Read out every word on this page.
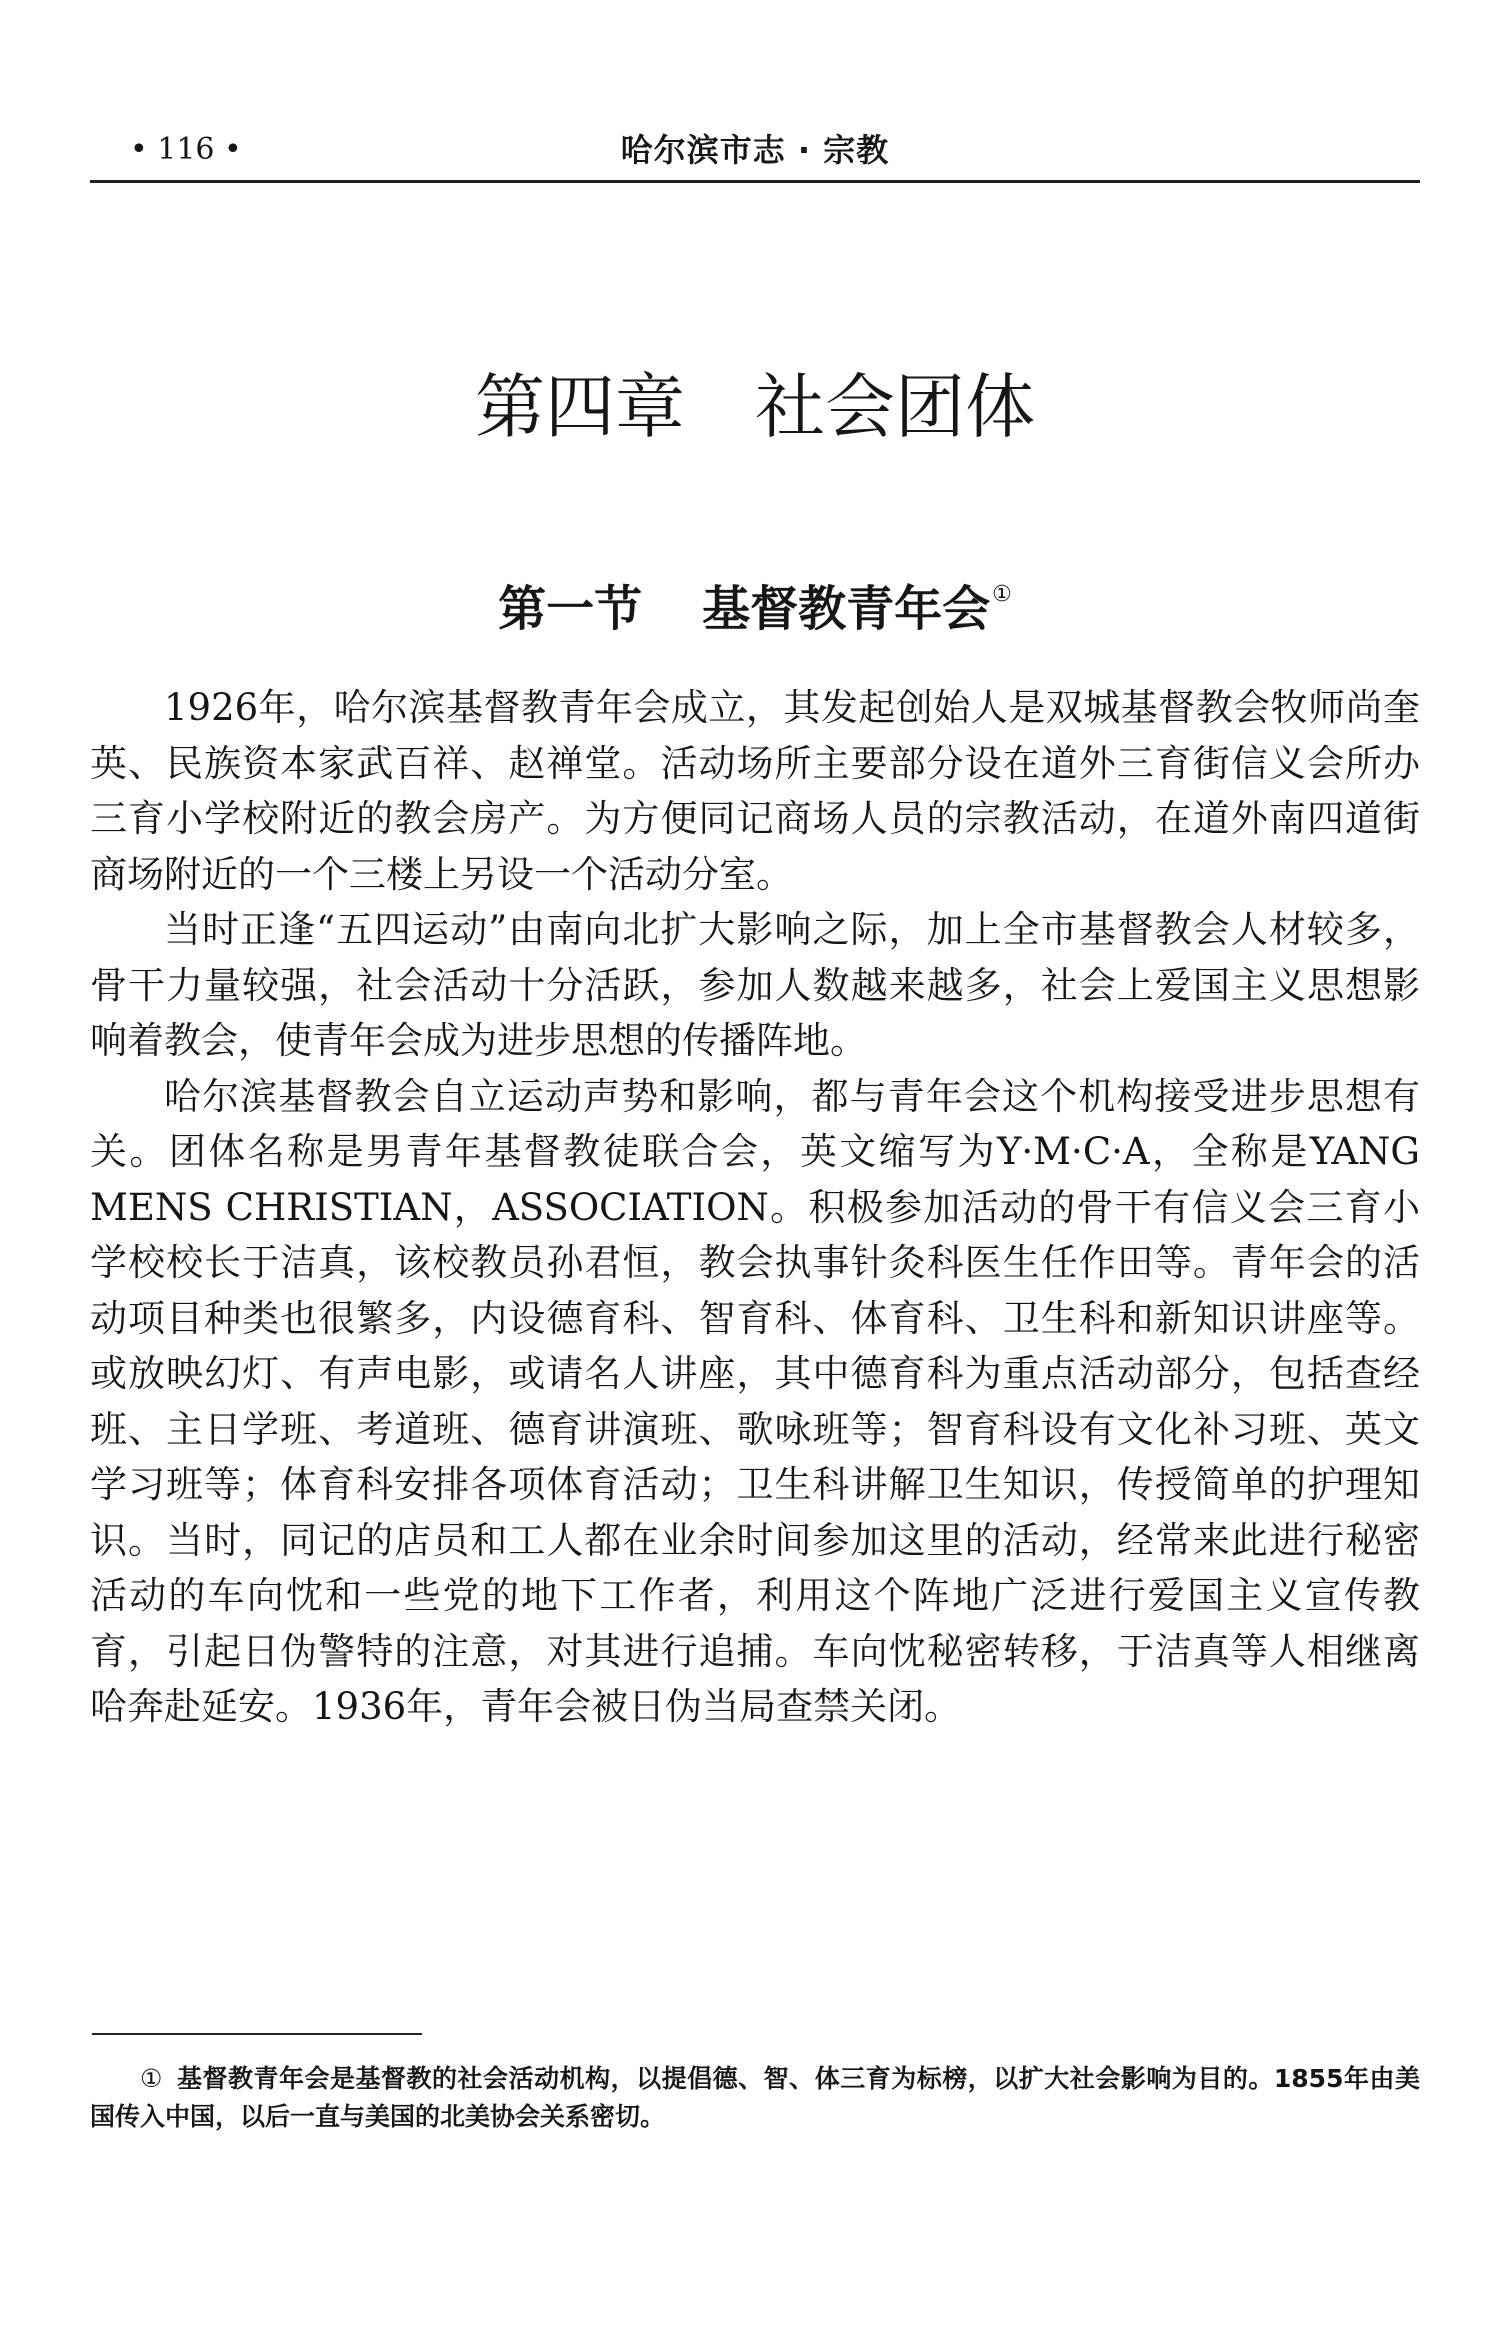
• 116 •	哈尔滨市志 · 宗教
第四章 社会团体
第一节 基督教青年会①

1926年，哈尔滨基督教青年会成立，其发起创始人是双城基督教会牧师尚奎英、民族资本家武百祥、赵禅堂。活动场所主要部分设在道外三育街信义会所办三育小学校附近的教会房产。为方便同记商场人员的宗教活动，在道外南四道街商场附近的一个三楼上另设一个活动分室。

当时正逢“五四运动”由南向北扩大影响之际，加上全市基督教会人材较多，骨干力量较强，社会活动十分活跃，参加人数越来越多，社会上爱国主义思想影响着教会，使青年会成为进步思想的传播阵地。

哈尔滨基督教会自立运动声势和影响，都与青年会这个机构接受进步思想有关。团体名称是男青年基督教徒联合会，英文缩写为Y·M·C·A，全称是YANG MENS CHRISTIAN，ASSOCIATION。积极参加活动的骨干有信义会三育小学校校长于洁真，该校教员孙君恒，教会执事针灸科医生任作田等。青年会的活动项目种类也很繁多，内设德育科、智育科、体育科、卫生科和新知识讲座等。或放映幻灯、有声电影，或请名人讲座，其中德育科为重点活动部分，包括查经班、主日学班、考道班、德育讲演班、歌咏班等；智育科设有文化补习班、英文学习班等；体育科安排各项体育活动；卫生科讲解卫生知识，传授简单的护理知识。当时，同记的店员和工人都在业余时间参加这里的活动，经常来此进行秘密活动的车向忱和一些党的地下工作者，利用这个阵地广泛进行爱国主义宣传教育，引起日伪警特的注意，对其进行追捕。车向忱秘密转移，于洁真等人相继离哈奔赴延安。1936年，青年会被日伪当局查禁关闭。

① 基督教青年会是基督教的社会活动机构，以提倡德、智、体三育为标榜，以扩大社会影响为目的。1855年由美国传入中国，以后一直与美国的北美协会关系密切。
